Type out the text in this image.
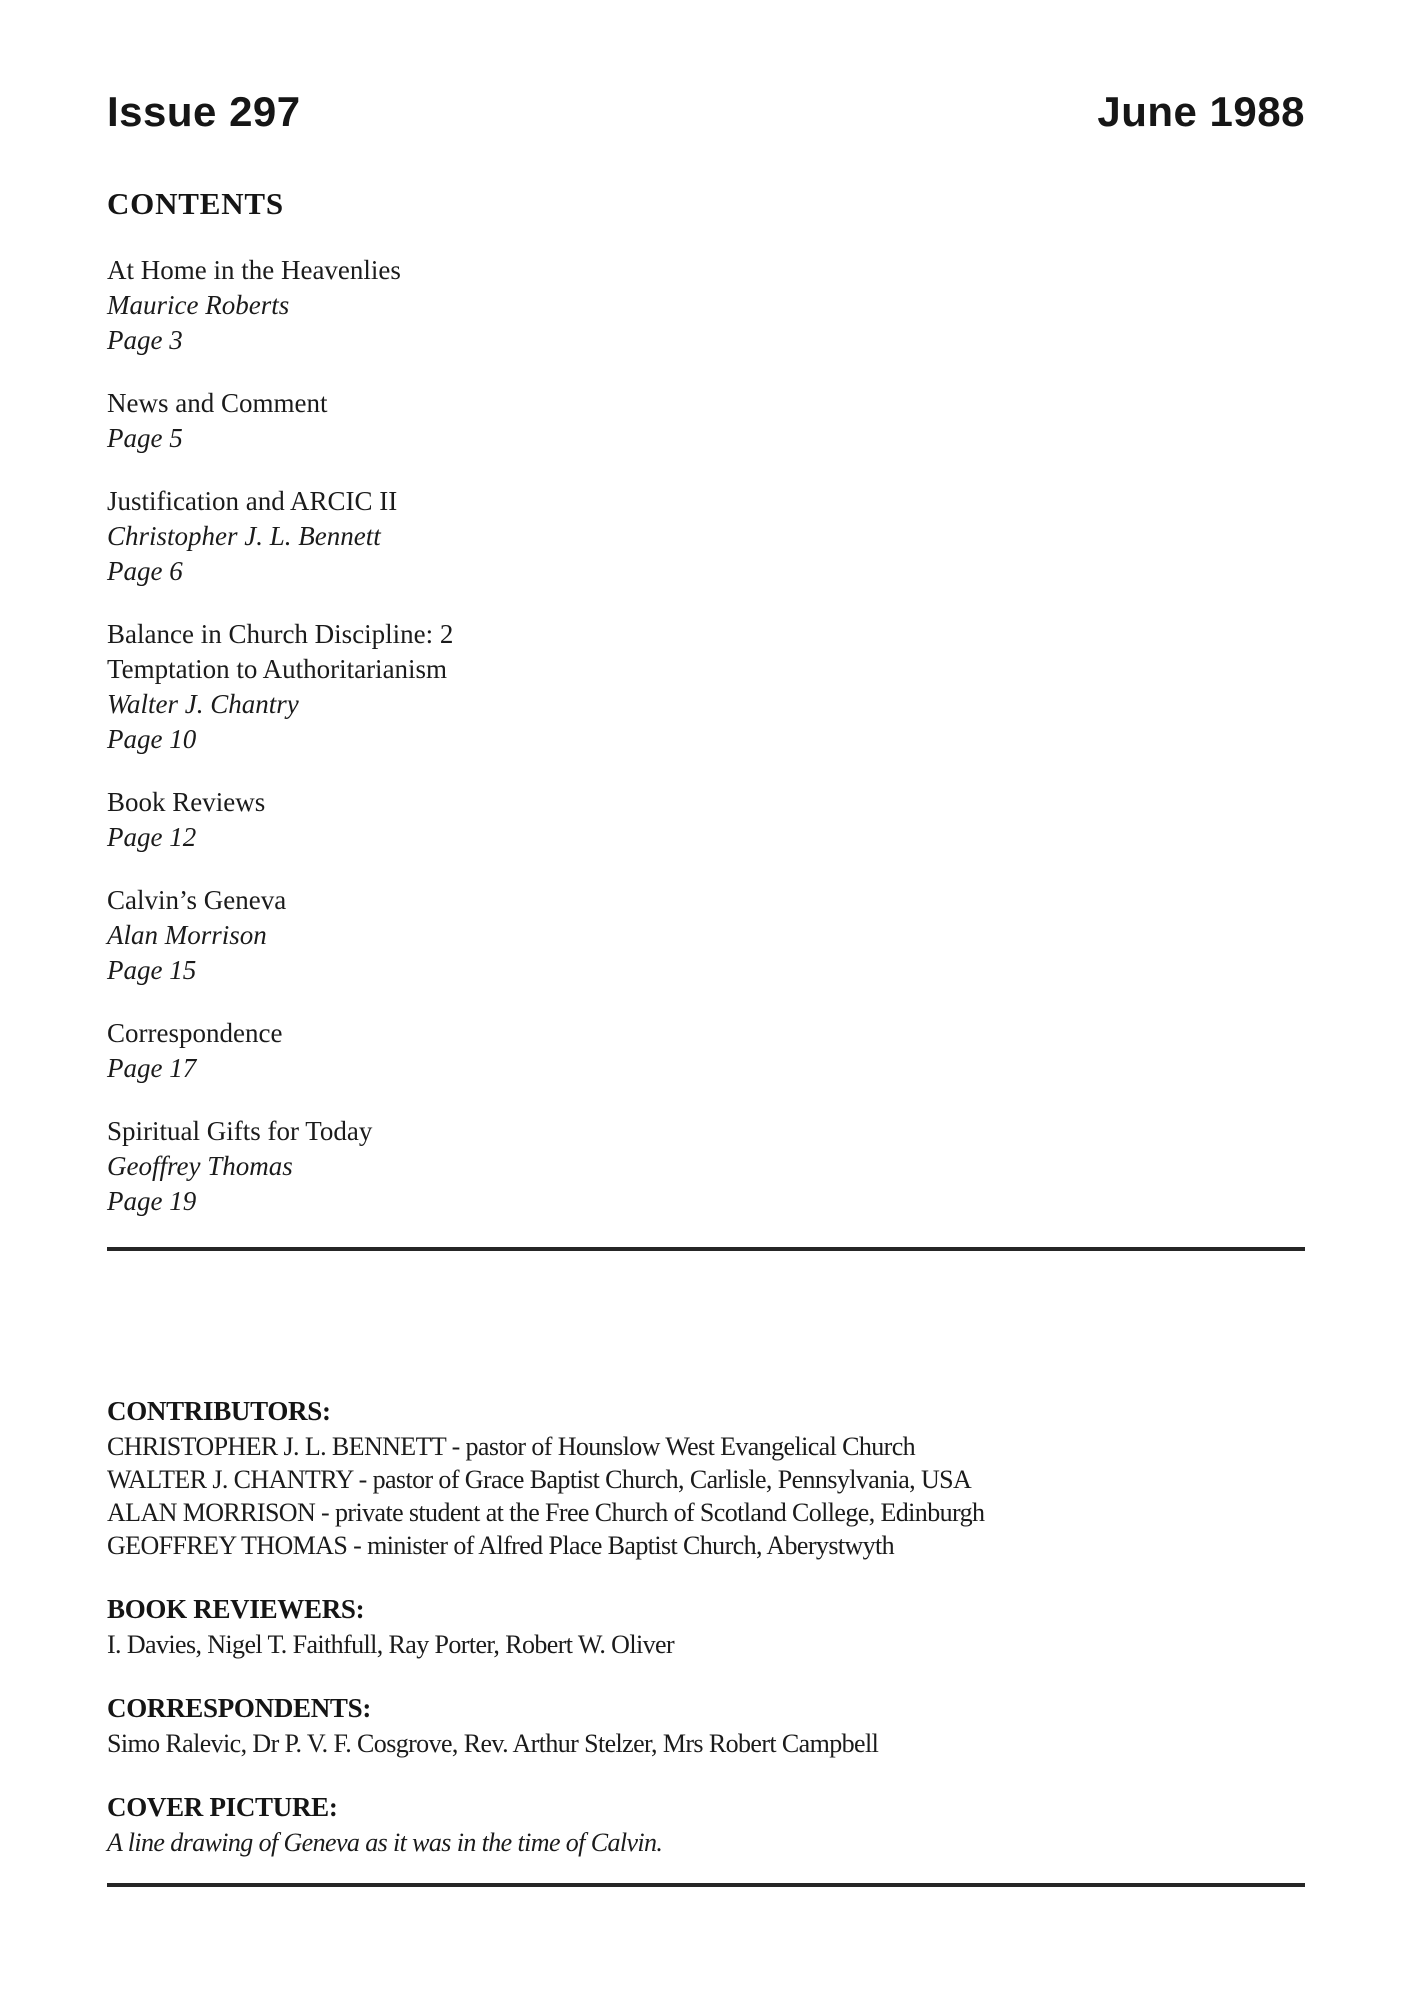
Issue 297	June 1988
CONTENTS
At Home in the Heavenlies
Maurice Roberts
Page 3
News and Comment
Page 5
Justification and ARCIC II
Christopher J. L. Bennett
Page 6
Balance in Church Discipline: 2
Temptation to Authoritarianism
Walter J. Chantry
Page 10
Book Reviews
Page 12
Calvin’s Geneva
Alan Morrison
Page 15
Correspondence
Page 17
Spiritual Gifts for Today
Geoffrey Thomas
Page 19
CONTRIBUTORS:
CHRISTOPHER J. L. BENNETT - pastor of Hounslow West Evangelical Church
WALTER J. CHANTRY - pastor of Grace Baptist Church, Carlisle, Pennsylvania, USA
ALAN MORRISON - private student at the Free Church of Scotland College, Edinburgh
GEOFFREY THOMAS - minister of Alfred Place Baptist Church, Aberystwyth
BOOK REVIEWERS:
I. Davies, Nigel T. Faithfull, Ray Porter, Robert W. Oliver
CORRESPONDENTS:
Simo Ralevic, Dr P. V. F. Cosgrove, Rev. Arthur Stelzer, Mrs Robert Campbell
COVER PICTURE:
A line drawing of Geneva as it was in the time of Calvin.
